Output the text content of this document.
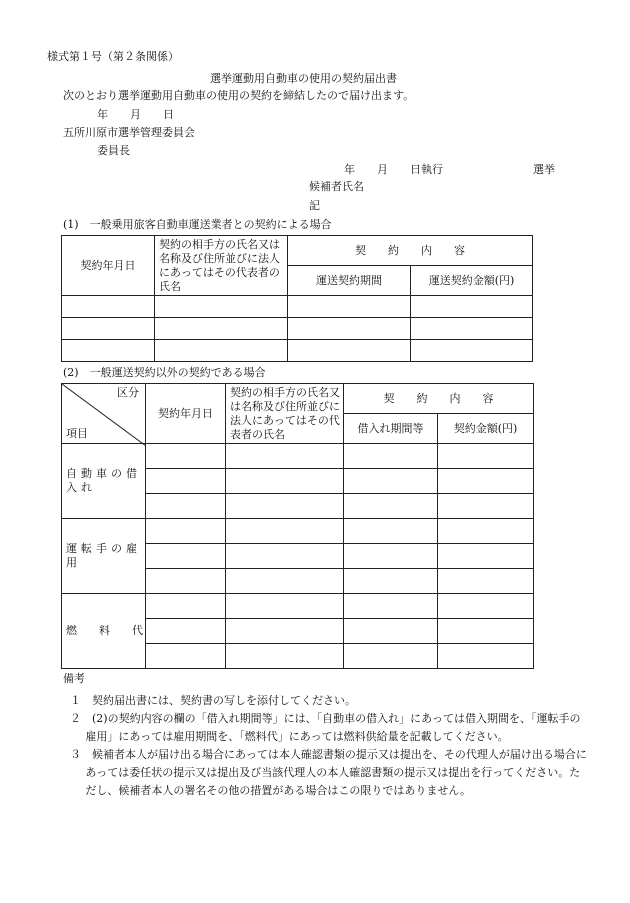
様式第１号（第２条関係）
選挙運動用自動車の使用の契約届出書
次のとおり選挙運動用自動車の使用の契約を締結したので届け出ます。
年　　月　　日
五所川原市選挙管理委員会
委員長
年　　月　　日執行	選挙
候補者氏名
記
(1)　一般乗用旅客自動車運送業者との契約による場合
契約年月日	契約の相手方の氏名又は名称及び住所並びに法人にあってはその代表者の氏名	契　　約　　内　　容	
		運送契約期間	運送契約金額(円)

(2)　一般運送契約以外の契約である場合
区分
項目	契約年月日	契約の相手方の氏名又は名称及び住所並びに法人にあってはその代表者の氏名	契　　約　　内　　容	
			借入れ期間等	契約金額(円)
自動車の借入れ				

運転手の雇用				

燃　　料　　代				

備考

１　契約届出書には、契約書の写しを添付してください。

２　(2)の契約内容の欄の「借入れ期間等」には、「自動車の借入れ」にあっては借入期間を、「運転手の雇用」にあっては雇用期間を、「燃料代」にあっては燃料供給量を記載してください。

３　候補者本人が届け出る場合にあっては本人確認書類の提示又は提出を、その代理人が届け出る場合にあっては委任状の提示又は提出及び当該代理人の本人確認書類の提示又は提出を行ってください。ただし、候補者本人の署名その他の措置がある場合はこの限りではありません。
